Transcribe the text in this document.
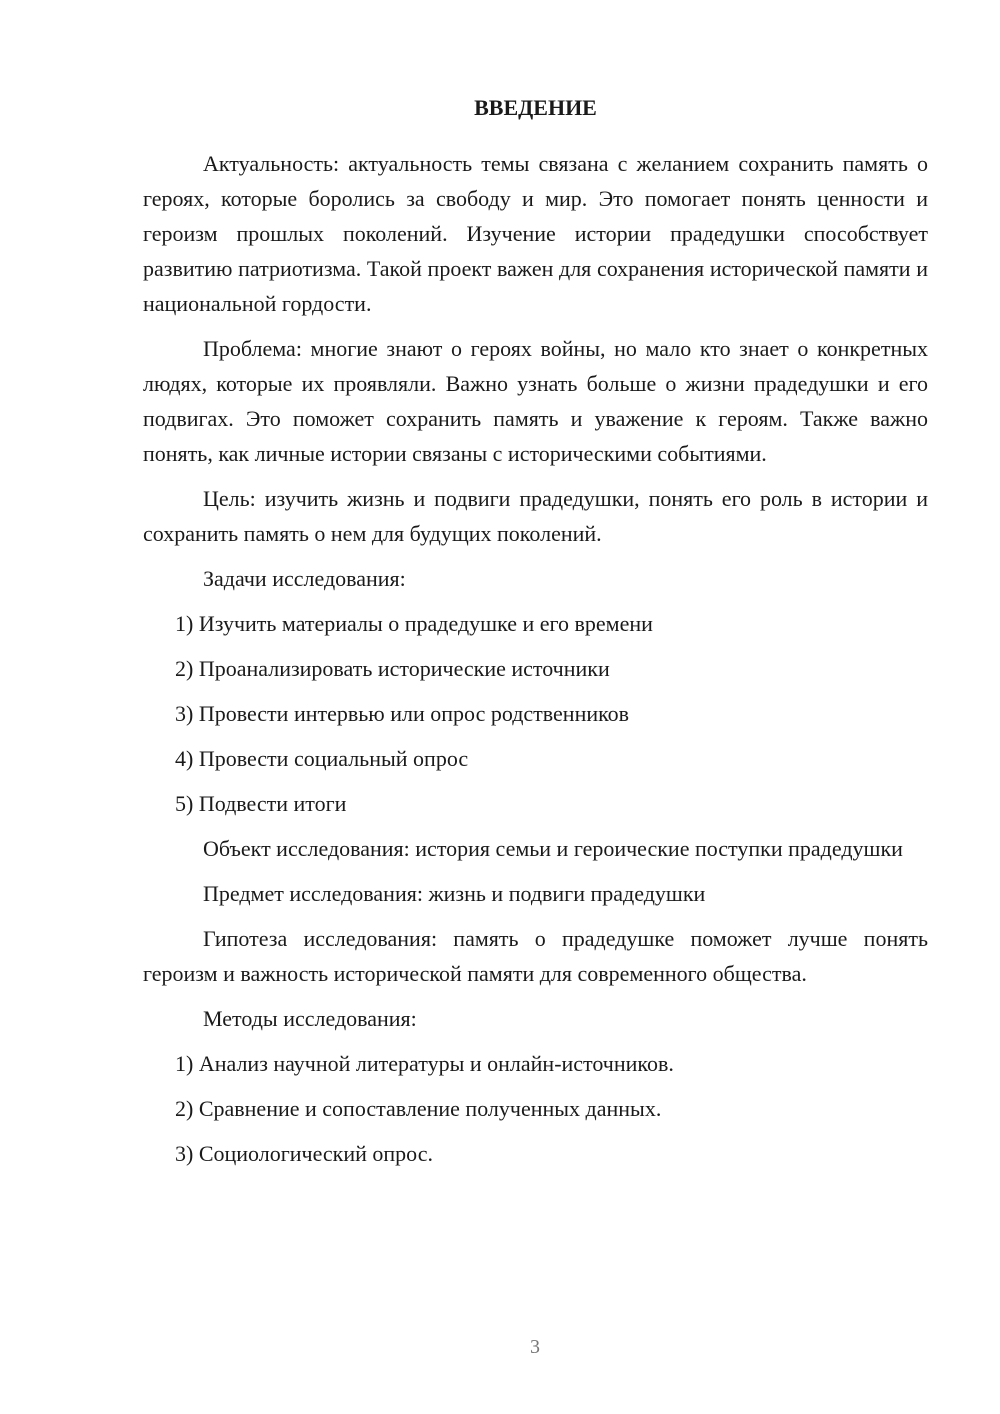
ВВЕДЕНИЕ

Актуальность: актуальность темы связана с желанием сохранить память о героях, которые боролись за свободу и мир. Это помогает понять ценности и героизм прошлых поколений. Изучение истории прадедушки способствует развитию патриотизма. Такой проект важен для сохранения исторической памяти и национальной гордости.

Проблема: многие знают о героях войны, но мало кто знает о конкретных людях, которые их проявляли. Важно узнать больше о жизни прадедушки и его подвигах. Это поможет сохранить память и уважение к героям. Также важно понять, как личные истории связаны с историческими событиями.

Цель: изучить жизнь и подвиги прадедушки, понять его роль в истории и сохранить память о нем для будущих поколений.

Задачи исследования:

1) Изучить материалы о прадедушке и его времени

2) Проанализировать исторические источники

3) Провести интервью или опрос родственников

4) Провести социальный опрос

5) Подвести итоги

Объект исследования: история семьи и героические поступки прадедушки

Предмет исследования: жизнь и подвиги прадедушки

Гипотеза исследования: память о прадедушке поможет лучше понять героизм и важность исторической памяти для современного общества.

Методы исследования:

1) Анализ научной литературы и онлайн-источников.

2) Сравнение и сопоставление полученных данных.

3) Социологический опрос.

3
